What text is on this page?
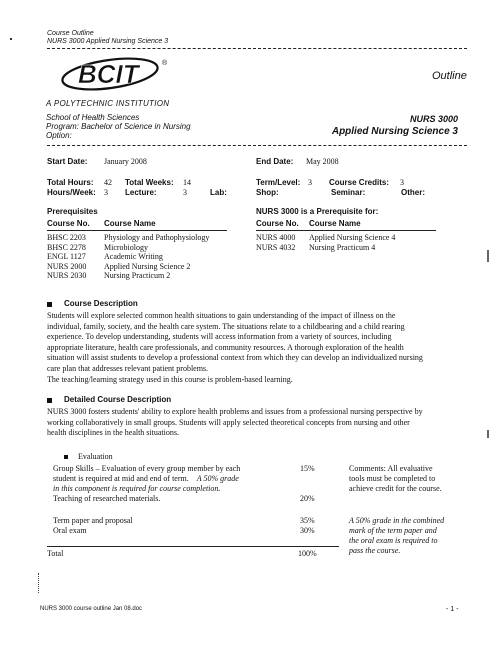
Course Outline
NURS 3000 Applied Nursing Science 3
BCIT	®
Outline
A POLYTECHNIC INSTITUTION
School of Health Sciences
Program: Bachelor of Science in Nursing
Option:
NURS 3000
Applied Nursing Science 3
Start Date: January 2008	End Date: May 2008
Total Hours: 42 Total Weeks: 14	Term/Level: 3 Course Credits: 3
Hours/Week: 3 Lecture:	3	Lab:	Shop:	Seminar:	Other:
Prerequisites
Course No. Course Name
BHSC 2203 Physiology and Pathophysiology
BHSC 2278 Microbiology
ENGL 1127 Academic Writing
NURS 2000 Applied Nursing Science 2
NURS 2030 Nursing Practicum 2
NURS 3000 is a Prerequisite for:
Course No. Course Name
NURS 4000 Applied Nursing Science 4
NURS 4032 Nursing Practicum 4
Course Description
Students will explore selected common health situations to gain understanding of the impact of illness on the
individual, family, society, and the health care system. The situations relate to a childbearing and a child rearing
experience. To develop understanding, students will access information from a variety of sources, including
appropriate literature, health care professionals, and community resources. A thorough exploration of the health
situation will assist students to develop a professional context from which they can develop an individualized nursing
care plan that addresses relevant patient problems.
The teaching/learning strategy used in this course is problem-based learning.
Detailed Course Description
NURS 3000 fosters students' ability to explore health problems and issues from a professional nursing perspective by
working collaboratively in small groups. Students will apply selected theoretical concepts from nursing and other
health disciplines in the health situations.
Evaluation
Group Skills – Evaluation of every group member by each
student is required at mid and end of term. A 50% grade
in this component is required for course completion.
15%
Teaching of researched materials.	20%
Comments: All evaluative
tools must be completed to
achieve credit for the course.
Term paper and proposal	35%
Oral exam	30%
A 50% grade in the combined
mark of the term paper and
the oral exam is required to
pass the course.
Total	100%
NURS 3000 course outline Jan 08.doc	- 1 -
